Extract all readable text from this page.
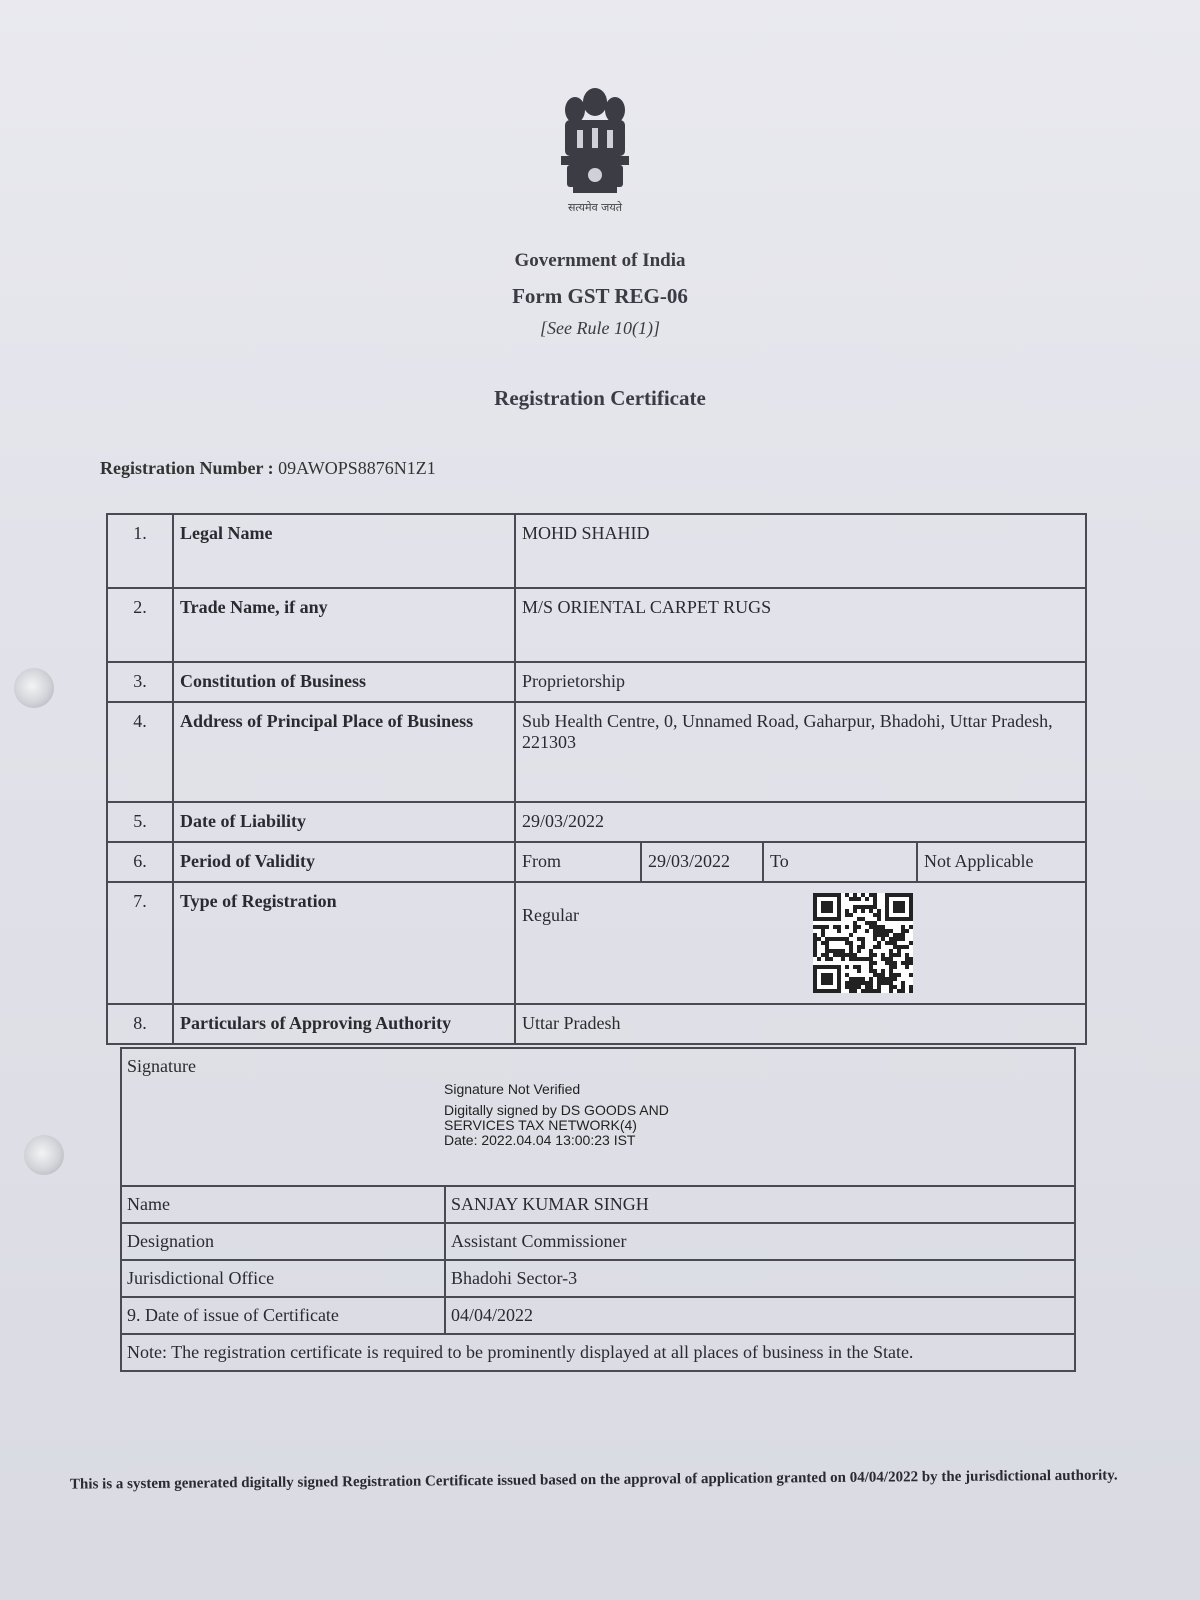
सत्यमेव जयते
Government of India
Form GST REG-06
[See Rule 10(1)]
Registration Certificate
Registration Number : 09AWOPS8876N1Z1
1.	Legal Name	MOHD SHAHID			
2.	Trade Name, if any	M/S ORIENTAL CARPET RUGS			
3.	Constitution of Business	Proprietorship			
4.	Address of Principal Place of Business	Sub Health Centre, 0, Unnamed Road, Gaharpur, Bhadohi, Uttar Pradesh, 221303			
5.	Date of Liability	29/03/2022			
6.	Period of Validity	From	29/03/2022	To	Not Applicable
7.	Type of Registration	Regular			

8.	Particulars of Approving Authority	Uttar Pradesh			
Signature
Signature Not Verified
Digitally signed by DS GOODS AND
SERVICES TAX NETWORK(4)
Date: 2022.04.04 13:00:23 IST	

Name	SANJAY KUMAR SINGH
Designation	Assistant Commissioner
Jurisdictional Office	Bhadohi Sector-3
9. Date of issue of Certificate	04/04/2022
Note: The registration certificate is required to be prominently displayed at all places of business in the State.	
This is a system generated digitally signed Registration Certificate issued based on the approval of application granted on 04/04/2022 by the jurisdictional authority.
